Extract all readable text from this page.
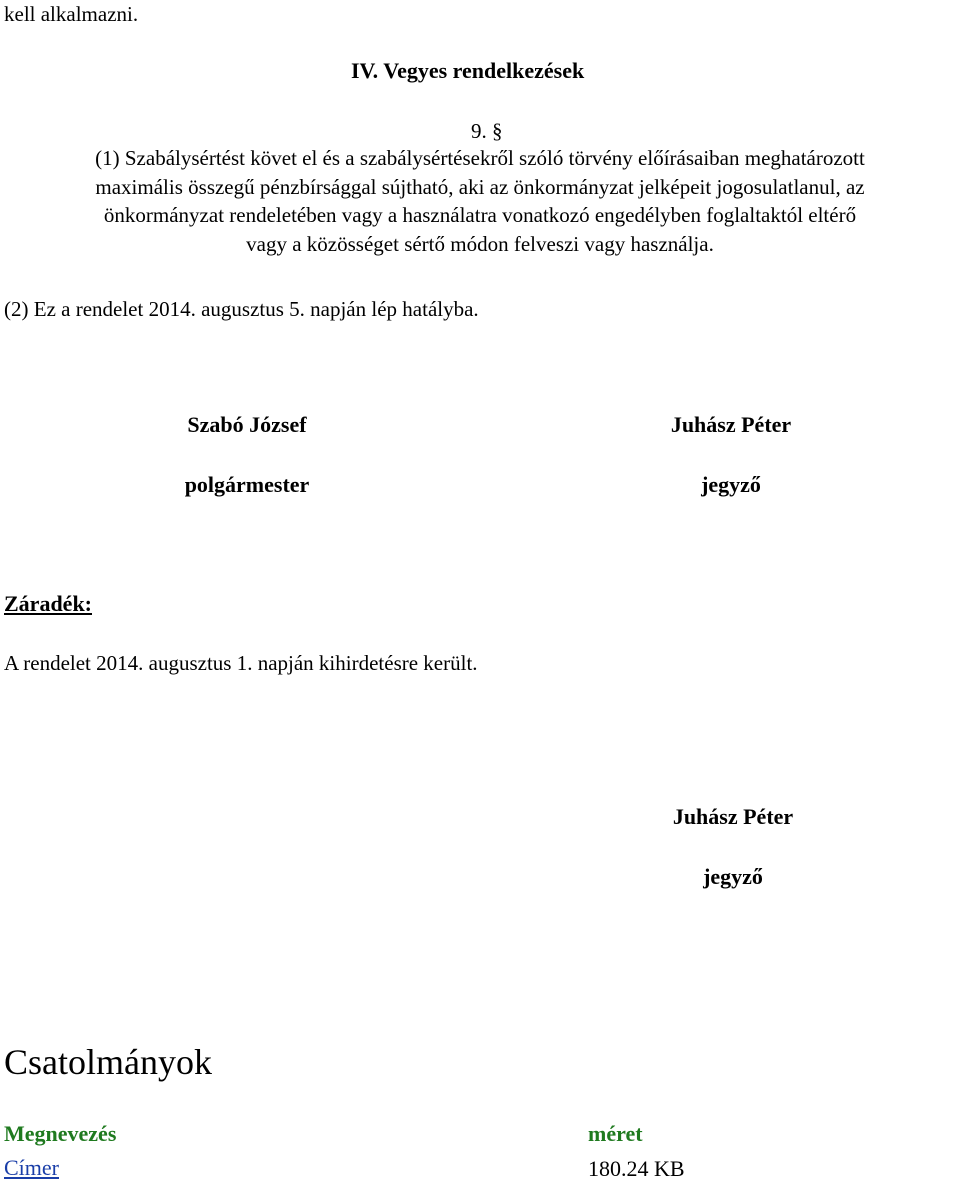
kell alkalmazni.
IV. Vegyes rendelkezések
9. §

(1) Szabálysértést követ el és a szabálysértésekről szóló törvény előírásaiban meghatározott

maximális összegű pénzbírsággal sújtható, aki az önkormányzat jelképeit jogosulatlanul, az

önkormányzat rendeletében vagy a használatra vonatkozó engedélyben foglaltaktól eltérő

vagy a közösséget sértő módon felveszi vagy használja.

(2) Ez a rendelet 2014. augusztus 5. napján lép hatályba.
Szabó József
polgármester
Juhász Péter
jegyző
Záradék:
A rendelet 2014. augusztus 1. napján kihirdetésre került.
Juhász Péter
jegyző
Csatolmányok
Megnevezés	méret
Címer	180.24 KB
